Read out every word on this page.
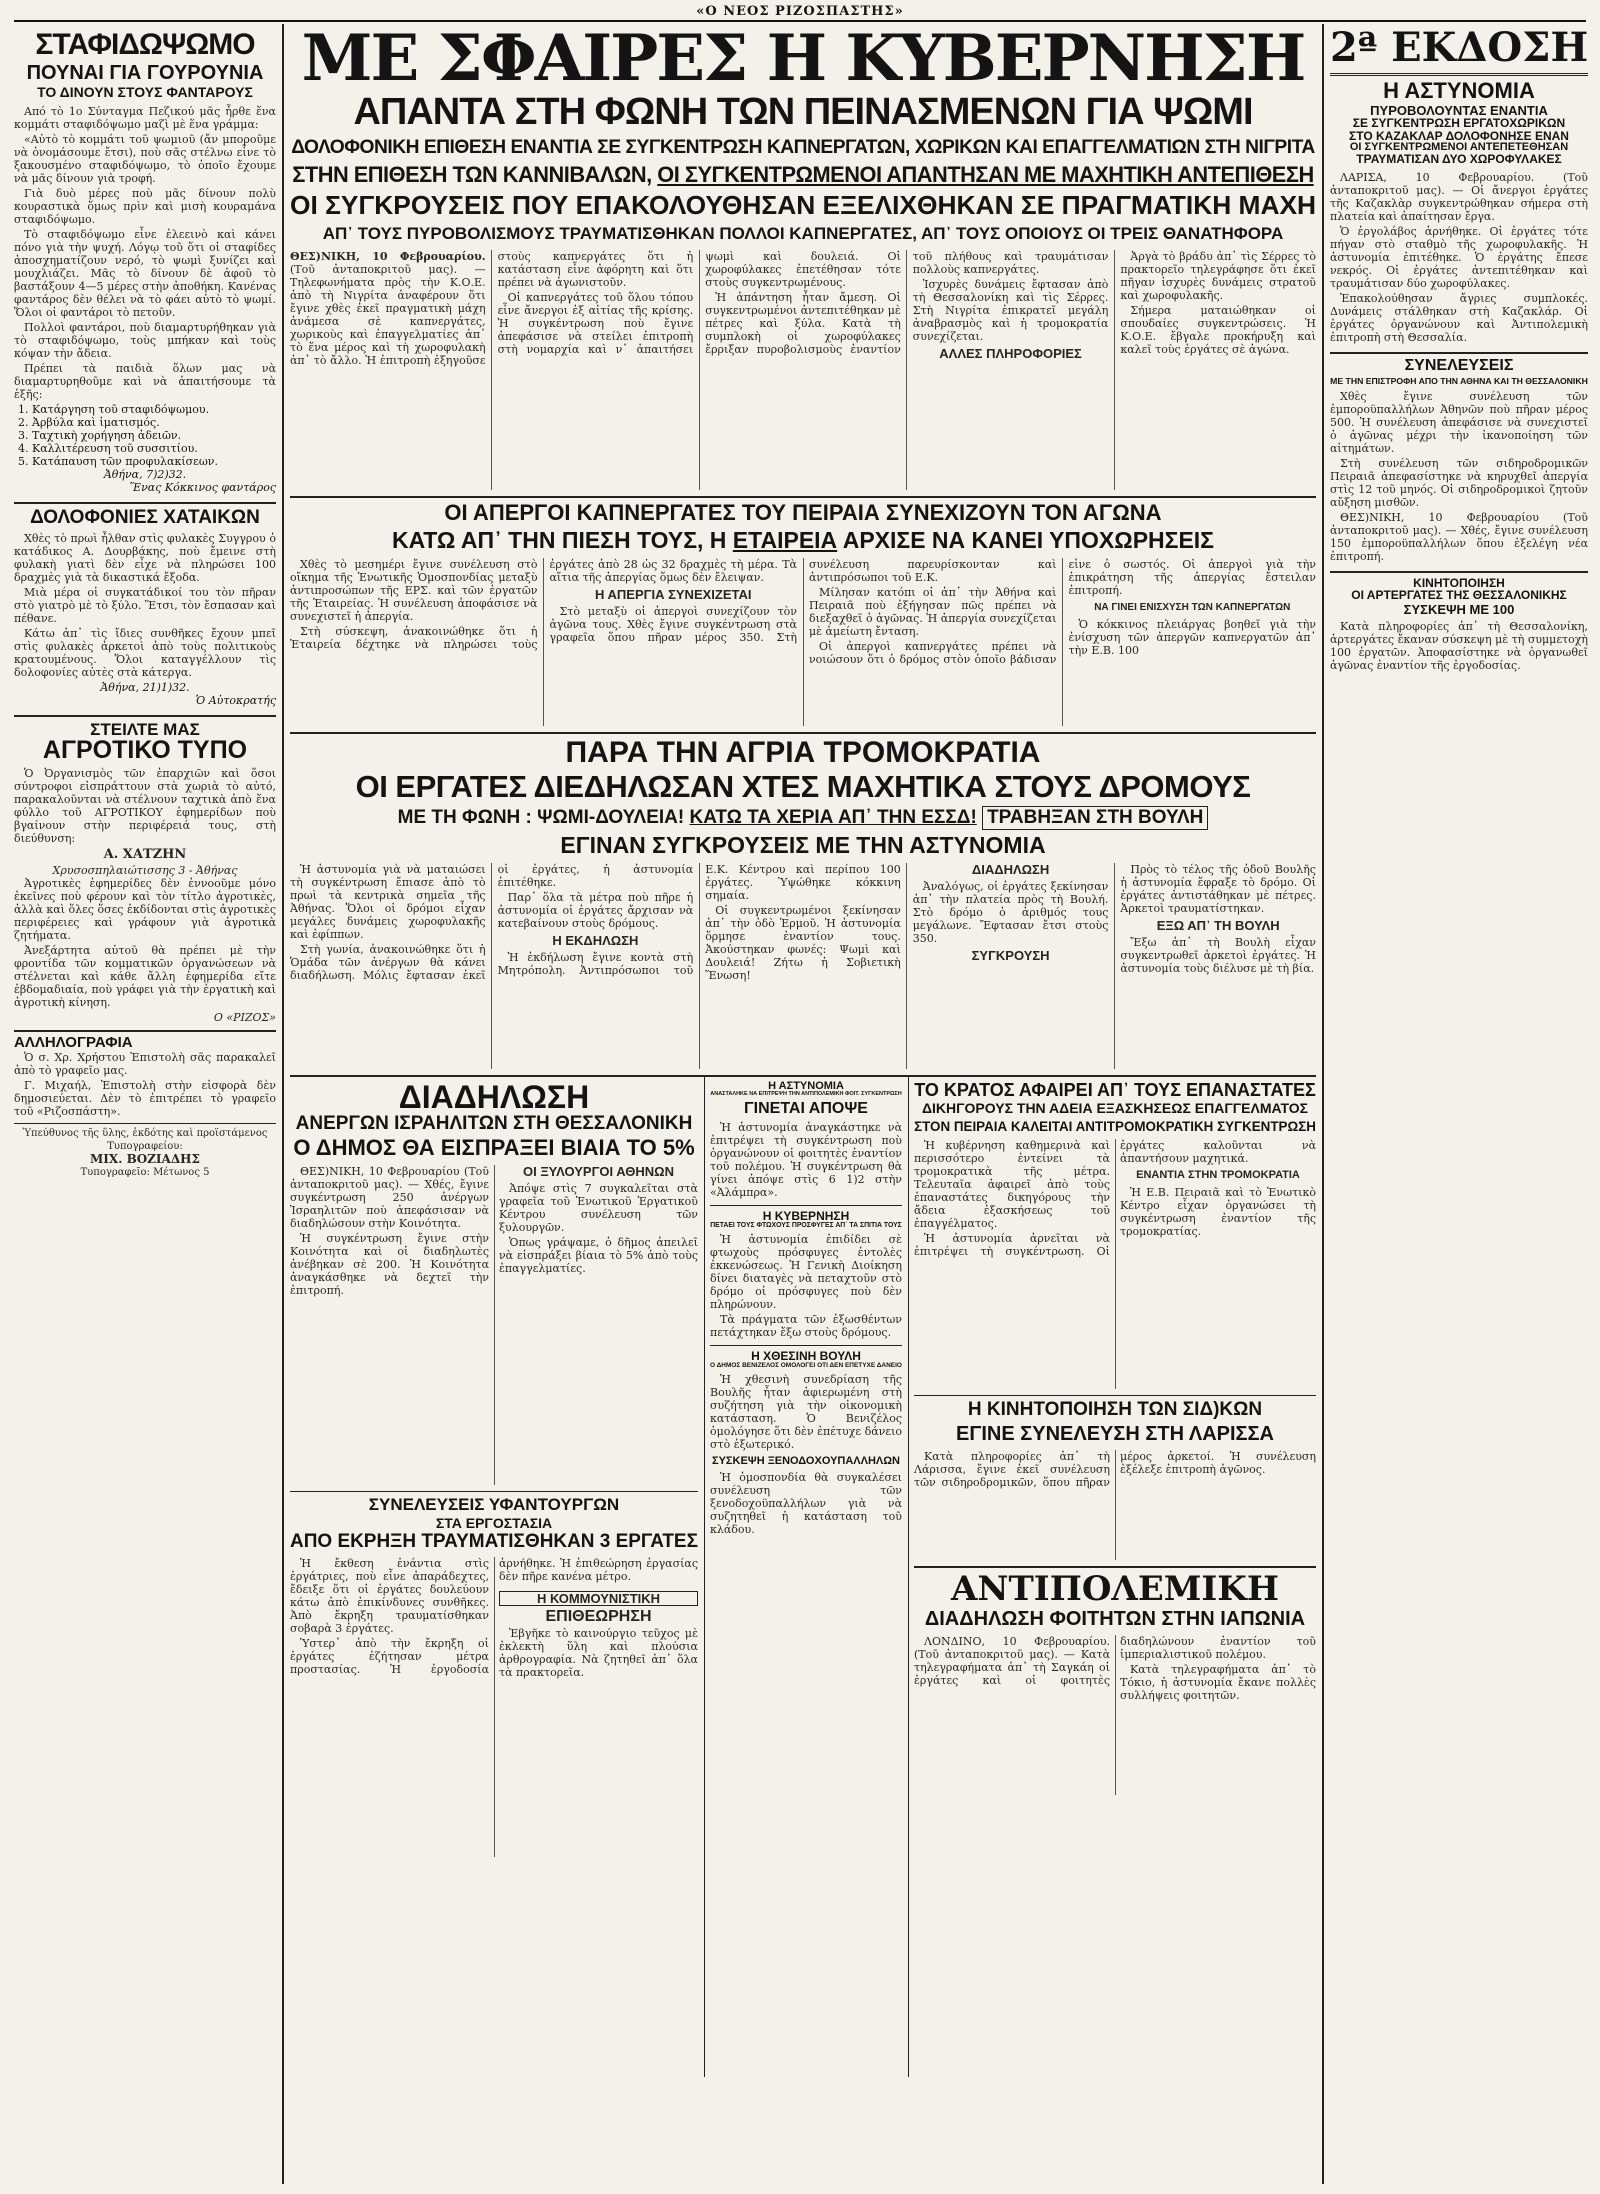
«Ο ΝΕΟΣ ΡΙΖΟΣΠΑΣΤΗΣ»
ΣΤΑΦΙΔΩΨΩΜΟ
ΠΟΥΝΑΙ ΓΙΑ ΓΟΥΡΟΥΝΙΑ
ΤΟ ΔΙΝΟΥΝ ΣΤΟΥΣ ΦΑΝΤΑΡΟΥΣ

Από τὸ 1ο Σύνταγμα Πεζικού μᾶς ἦρθε ἕνα κομμάτι σταφιδόψωμο μαζὶ μὲ ἕνα γράμμα:

«Αὐτὸ τὸ κομμάτι τοῦ ψωμιοῦ (ἄν μποροῦμε νὰ ὀνομάσουμε ἔτσι), ποὺ σᾶς στέλνω εἶνε τὸ ξακουσμένο σταφιδόψωμο, τὸ ὁποῖο ἔχουμε νὰ μᾶς δίνουν γιὰ τροφή.

Γιὰ δυὸ μέρες ποὺ μᾶς δίνουν πολὺ κουραστικὰ ὅμως πρὶν καὶ μισὴ κουραμάνα σταφιδόψωμο.

Τὸ σταφιδόψωμο εἶνε ἐλεεινὸ καὶ κάνει πόνο γιὰ τὴν ψυχή. Λόγῳ τοῦ ὅτι οἱ σταφίδες ἀποσχηματίζουν νερό, τὸ ψωμὶ ξυνίζει καὶ μουχλιάζει. Μᾶς τὸ δίνουν δὲ ἀφοῦ τὸ βαστάξουν 4—5 μέρες στὴν ἀποθήκη. Κανένας φαντάρος δὲν θέλει νὰ τὸ φάει αὐτὸ τὸ ψωμί. Ὅλοι οἱ φαντάροι τὸ πετοῦν.

Πολλοὶ φαντάροι, ποὺ διαμαρτυρήθηκαν γιὰ τὸ σταφιδόψωμο, τοὺς μπήκαν καὶ τοὺς κόψαν τὴν ἄδεια.

Πρέπει τὰ παιδιὰ ὅλων μας νὰ διαμαρτυρηθοῦμε καὶ νὰ ἀπαιτήσουμε τὰ ἑξῆς:

1. Κατάργηση τοῦ σταφιδόψωμου.
2. Ἀρβύλα καὶ ἱματισμός.
3. Ταχτικὴ χορήγηση ἀδειῶν.
4. Καλλιτέρευση τοῦ συσσιτίου.
5. Κατάπαυση τῶν προφυλακίσεων.
Ἀθήνα, 7)2)32.
Ἕνας Κόκκινος φαντάρος
ΔΟΛΟΦΟΝΙΕΣ ΧΑΤΑΙΚΩΝ

Χθὲς τὸ πρωὶ ἦλθαν στὶς φυλακὲς Συγγρου ὁ κατάδικος Α. Δουρβάκης, ποὺ ἔμεινε στὴ φυλακὴ γιατὶ δὲν εἶχε νὰ πληρώσει 100 δραχμὲς γιὰ τὰ δικαστικά ἔξοδα.

Μιὰ μέρα οἱ συγκατάδικοί του τὸν πῆραν στὸ γιατρὸ μὲ τὸ ξύλο. Ἕτσι, τὸν ἔσπασαν καὶ πέθανε.

Κάτω ἀπ᾽ τὶς ἴδιες συνθῆκες ἔχουν μπεῖ στὶς φυλακὲς ἀρκετοὶ ἀπὸ τοὺς πολιτικοὺς κρατουμένους. Ὅλοι καταγγέλλουν τὶς δολοφονίες αὐτὲς στὰ κάτεργα.

Ἀθήνα, 21)1)32.
Ὁ Αὐτοκρατής
ΣΤΕΙΛΤΕ ΜΑΣ
ΑΓΡΟΤΙΚΟ ΤΥΠΟ

Ὁ Ὀργανισμὸς τῶν ἐπαρχιῶν καὶ ὅσοι σύντροφοι εἰσπράττουν στὰ χωριὰ τὸ αὐτό, παρακαλοῦνται νὰ στέλνουν ταχτικὰ ἀπὸ ἕνα φύλλο τοῦ ΑΓΡΟΤΙΚΟΥ ἐφημερίδων ποὺ βγαίνουν στὴν περιφέρειά τους, στὴ διεύθυνση:

Α. ΧΑΤΖΗΝ
Χρυσοσπηλαιώτισσης 3 - Ἀθήνας

Ἀγροτικὲς ἐφημερίδες δὲν ἐννοοῦμε μόνο ἐκεῖνες ποὺ φέρουν καὶ τὸν τίτλο ἀγροτικὲς, ἀλλὰ καὶ ὅλες ὅσες ἐκδίδονται στὶς ἀγροτικὲς περιφέρειες καὶ γράφουν γιὰ ἀγροτικὰ ζητήματα.

Ἀνεξάρτητα αὐτοῦ θὰ πρέπει μὲ τὴν φροντίδα τῶν κομματικῶν ὀργανώσεων νὰ στέλνεται καὶ κάθε ἄλλη ἐφημερίδα εἴτε ἐβδομαδιαία, ποὺ γράφει γιὰ τὴν ἐργατικὴ καὶ ἀγροτικὴ κίνηση.

Ο «ΡΙΖΟΣ»
ΑΛΛΗΛΟΓΡΑΦΙΑ

Ὁ σ. Χρ. Χρήστου Ἐπιστολὴ σᾶς παρακαλεῖ ἀπὸ τὸ γραφεῖο μας.

Γ. Μιχαήλ, Ἐπιστολὴ στὴν εἰσφορὰ δὲν δημοσιεύεται. Δὲν τὸ ἐπιτρέπει τὸ γραφεῖο τοῦ «Ριζοσπάστη».

Ὑπεύθυνος τῆς ὕλης, ἐκδότης καὶ προϊστάμενος Τυπογραφείου:
ΜΙΧ. ΒΟΖΙΑΔΗΣ
Τυπογραφεῖο: Μέτωνος 5
ΜΕ ΣΦΑΙΡΕΣ Η ΚΥΒΕΡΝΗΣΗ
ΑΠΑΝΤΑ ΣΤΗ ΦΩΝΗ ΤΩΝ ΠΕΙΝΑΣΜΕΝΩΝ ΓΙΑ ΨΩΜΙ
ΔΟΛΟΦΟΝΙΚΗ ΕΠΙΘΕΣΗ ΕΝΑΝΤΙΑ ΣΕ ΣΥΓΚΕΝΤΡΩΣΗ ΚΑΠΝΕΡΓΑΤΩΝ, ΧΩΡΙΚΩΝ ΚΑΙ ΕΠΑΓΓΕΛΜΑΤΙΩΝ ΣΤΗ ΝΙΓΡΙΤΑ
ΣΤΗΝ ΕΠΙΘΕΣΗ ΤΩΝ ΚΑΝΝΙΒΑΛΩΝ, ΟΙ ΣΥΓΚΕΝΤΡΩΜΕΝΟΙ ΑΠΑΝΤΗΣΑΝ ΜΕ ΜΑΧΗΤΙΚΗ ΑΝΤΕΠΙΘΕΣΗ
ΟΙ ΣΥΓΚΡΟΥΣΕΙΣ ΠΟΥ ΕΠΑΚΟΛΟΥΘΗΣΑΝ ΕΞΕΛΙΧΘΗΚΑΝ ΣΕ ΠΡΑΓΜΑΤΙΚΗ ΜΑΧΗ
ΑΠ᾽ ΤΟΥΣ ΠΥΡΟΒΟΛΙΣΜΟΥΣ ΤΡΑΥΜΑΤΙΣΘΗΚΑΝ ΠΟΛΛΟΙ ΚΑΠΝΕΡΓΑΤΕΣ, ΑΠ᾽ ΤΟΥΣ ΟΠΟΙΟΥΣ ΟΙ ΤΡΕΙΣ ΘΑΝΑΤΗΦΟΡΑ

ΘΕΣ)ΝΙΚΗ, 10 Φεβρουαρίου. (Τοῦ ἀνταποκριτοῦ μας). — Τηλεφωνήματα πρὸς τὴν Κ.Ο.Ε. ἀπὸ τὴ Νιγρίτα ἀναφέρουν ὅτι ἔγινε χθὲς ἐκεῖ πραγματικὴ μάχη ἀνάμεσα σὲ καπνεργάτες, χωρικοὺς καὶ ἐπαγγελματίες ἀπ᾽ τὸ ἕνα μέρος καὶ τὴ χωροφυλακὴ ἀπ᾽ τὸ ἄλλο. Ἡ ἐπιτροπὴ ἐξηγοῦσε στοὺς καπνεργάτες ὅτι ἡ κατάσταση εἶνε ἀφόρητη καὶ ὅτι πρέπει νὰ ἀγωνιστοῦν.

Οἱ καπνεργάτες τοῦ ὅλου τόπου εἶνε ἄνεργοι ἐξ αἰτίας τῆς κρίσης. Ἡ συγκέντρωση ποὺ ἔγινε ἀπεφάσισε νὰ στείλει ἐπιτροπὴ στὴ νομαρχία καὶ ν᾽ ἀπαιτήσει ψωμὶ καὶ δουλειά. Οἱ χωροφύλακες ἐπετέθησαν τότε στοὺς συγκεντρωμένους.

Ἡ ἀπάντηση ἦταν ἄμεση. Οἱ συγκεντρωμένοι ἀντεπιτέθηκαν μὲ πέτρες καὶ ξύλα. Κατὰ τὴ συμπλοκὴ οἱ χωροφύλακες ἔρριξαν πυροβολισμοὺς ἐναντίον τοῦ πλήθους καὶ τραυμάτισαν πολλοὺς καπνεργάτες.

Ἰσχυρὲς δυνάμεις ἔφτασαν ἀπὸ τὴ Θεσσαλονίκη καὶ τὶς Σέρρες. Στὴ Νιγρίτα ἐπικρατεῖ μεγάλη ἀναβρασμὸς καὶ ἡ τρομοκρατία συνεχίζεται.

ΑΛΛΕΣ ΠΛΗΡΟΦΟΡΙΕΣ

Ἀργὰ τὸ βράδυ ἀπ᾽ τὶς Σέρρες τὸ πρακτορεῖο τηλεγράφησε ὅτι ἐκεῖ πῆγαν ἰσχυρὲς δυνάμεις στρατοῦ καὶ χωροφυλακῆς.

Σήμερα ματαιώθηκαν οἱ σπουδαίες συγκεντρώσεις. Ἡ Κ.Ο.Ε. ἔβγαλε προκήρυξη καὶ καλεῖ τοὺς ἐργάτες σὲ ἀγώνα.

ΟΙ ΑΠΕΡΓΟΙ ΚΑΠΝΕΡΓΑΤΕΣ ΤΟΥ ΠΕΙΡΑΙΑ ΣΥΝΕΧΙΖΟΥΝ ΤΟΝ ΑΓΩΝΑ
ΚΑΤΩ ΑΠ᾽ ΤΗΝ ΠΙΕΣΗ ΤΟΥΣ, Η ΕΤΑΙΡΕΙΑ ΑΡΧΙΣΕ ΝΑ ΚΑΝΕΙ ΥΠΟΧΩΡΗΣΕΙΣ

Χθὲς τὸ μεσημέρι ἔγινε συνέλευση στὸ οἴκημα τῆς Ἑνωτικῆς Ὁμοσπονδίας μεταξὺ ἀντιπροσώπων τῆς ΕΡΣ. καὶ τῶν ἐργατῶν τῆς Ἑταιρείας. Ἡ συνέλευση ἀποφάσισε νὰ συνεχιστεῖ ἡ ἀπεργία.

Στὴ σύσκεψη, ἀνακοινώθηκε ὅτι ἡ Ἑταιρεία δέχτηκε νὰ πληρώσει τοὺς ἐργάτες ἀπὸ 28 ὡς 32 δραχμὲς τὴ μέρα. Τὰ αἴτια τῆς ἀπεργίας ὅμως δὲν ἔλειψαν.

Η ΑΠΕΡΓΙΑ ΣΥΝΕΧΙΖΕΤΑΙ

Στὸ μεταξὺ οἱ ἀπεργοὶ συνεχίζουν τὸν ἀγῶνα τους. Χθὲς ἔγινε συγκέντρωση στὰ γραφεῖα ὅπου πῆραν μέρος 350. Στὴ συνέλευση παρευρίσκονταν καὶ ἀντιπρόσωποι τοῦ Ε.Κ.

Μίλησαν κατόπι οἱ ἀπ᾽ τὴν Ἀθήνα καὶ Πειραιᾶ ποὺ ἐξήγησαν πῶς πρέπει νὰ διεξαχθεῖ ὁ ἀγῶνας. Ἡ ἀπεργία συνεχίζεται μὲ ἀμείωτη ἔνταση.

Οἱ ἀπεργοὶ καπνεργάτες πρέπει νὰ νοιώσουν ὅτι ὁ δρόμος στὸν ὁποῖο βάδισαν εἶνε ὁ σωστός. Οἱ ἀπεργοὶ γιὰ τὴν ἐπικράτηση τῆς ἀπεργίας ἔστειλαν ἐπιτροπή.

ΝΑ ΓΙΝΕΙ ΕΝΙΣΧΥΣΗ ΤΩΝ ΚΑΠΝΕΡΓΑΤΩΝ

Ὁ κόκκινος πλειάργας βοηθεῖ γιὰ τὴν ἐνίσχυση τῶν ἀπεργῶν καπνεργατῶν ἀπ᾽ τὴν Ε.Β. 100

ΠΑΡΑ ΤΗΝ ΑΓΡΙΑ ΤΡΟΜΟΚΡΑΤΙΑ
ΟΙ ΕΡΓΑΤΕΣ ΔΙΕΔΗΛΩΣΑΝ ΧΤΕΣ ΜΑΧΗΤΙΚΑ ΣΤΟΥΣ ΔΡΟΜΟΥΣ
ΜΕ ΤΗ ΦΩΝΗ : ΨΩΜΙ-ΔΟΥΛΕΙΑ! ΚΑΤΩ ΤΑ ΧΕΡΙΑ ΑΠ᾽ ΤΗΝ ΕΣΣΔ! ΤΡΑΒΗΞΑΝ ΣΤΗ ΒΟΥΛΗ
ΕΓΙΝΑΝ ΣΥΓΚΡΟΥΣΕΙΣ ΜΕ ΤΗΝ ΑΣΤΥΝΟΜΙΑ

Ἡ ἀστυνομία γιὰ νὰ ματαιώσει τὴ συγκέντρωση ἔπιασε ἀπὸ τὸ πρωὶ τὰ κεντρικὰ σημεῖα τῆς Ἀθήνας. Ὅλοι οἱ δρόμοι εἶχαν μεγάλες δυνάμεις χωροφυλακῆς καὶ ἐφίππων.

Στὴ γωνία, ἀνακοινώθηκε ὅτι ἡ Ὁμάδα τῶν ἀνέργων θὰ κάνει διαδήλωση. Μόλις ἔφτασαν ἐκεῖ οἱ ἐργάτες, ἡ ἀστυνομία ἐπιτέθηκε.

Παρ᾽ ὅλα τὰ μέτρα ποὺ πῆρε ἡ ἀστυνομία οἱ ἐργάτες ἄρχισαν νὰ κατεβαίνουν στοὺς δρόμους.

Η ΕΚΔΗΛΩΣΗ

Ἡ ἐκδήλωση ἔγινε κοντὰ στὴ Μητρόπολη. Ἀντιπρόσωποι τοῦ Ε.Κ. Κέντρου καὶ περίπου 100 ἐργάτες. Ὑψώθηκε κόκκινη σημαία.

Οἱ συγκεντρωμένοι ξεκίνησαν ἀπ᾽ τὴν ὁδὸ Ἑρμοῦ. Ἡ ἀστυνομία ὅρμησε ἐναντίον τους. Ἀκούστηκαν φωνές: Ψωμὶ καὶ Δουλειά! Ζήτω ἡ Σοβιετικὴ Ἕνωση!

ΔΙΑΔΗΛΩΣΗ

Ἀναλόγως, οἱ ἐργάτες ξεκίνησαν ἀπ᾽ τὴν πλατεία πρὸς τὴ Βουλή. Στὸ δρόμο ὁ ἀριθμός τους μεγάλωνε. Ἔφτασαν ἔτσι στοὺς 350.

ΣΥΓΚΡΟΥΣΗ

Πρὸς τὸ τέλος τῆς ὁδοῦ Βουλῆς ἡ ἀστυνομία ἔφραξε τὸ δρόμο. Οἱ ἐργάτες ἀντιστάθηκαν μὲ πέτρες. Ἀρκετοὶ τραυματίστηκαν.

ΕΞΩ ΑΠ᾽ ΤΗ ΒΟΥΛΗ

Ἔξω ἀπ᾽ τὴ Βουλὴ εἶχαν συγκεντρωθεῖ ἀρκετοὶ ἐργάτες. Ἡ ἀστυνομία τοὺς διέλυσε μὲ τὴ βία.

ΔΙΑΔΗΛΩΣΗ
ΑΝΕΡΓΩΝ ΙΣΡΑΗΛΙΤΩΝ ΣΤΗ ΘΕΣΣΑΛΟΝΙΚΗ
Ο ΔΗΜΟΣ ΘΑ ΕΙΣΠΡΑΞΕΙ ΒΙΑΙΑ ΤΟ 5%

ΘΕΣ)ΝΙΚΗ, 10 Φεβρουαρίου (Τοῦ ἀνταποκριτοῦ μας). — Χθές, ἔγινε συγκέντρωση 250 ἀνέργων Ἰσραηλιτῶν ποὺ ἀπεφάσισαν νὰ διαδηλώσουν στὴν Κοινότητα.

Ἡ συγκέντρωση ἔγινε στὴν Κοινότητα καὶ οἱ διαδηλωτὲς ἀνέβηκαν σὲ 200. Ἡ Κοινότητα ἀναγκάσθηκε νὰ δεχτεῖ τὴν ἐπιτροπή.

ΟΙ ΞΥΛΟΥΡΓΟΙ ΑΘΗΝΩΝ

Ἀπόψε στὶς 7 συγκαλεῖται στὰ γραφεῖα τοῦ Ἑνωτικοῦ Ἐργατικοῦ Κέντρου συνέλευση τῶν ξυλουργῶν.

Ὁπως γράψαμε, ὁ δῆμος ἀπειλεῖ νὰ εἰσπράξει βίαια τὸ 5% ἀπὸ τοὺς ἐπαγγελματίες.

ΣΥΝΕΛΕΥΣΕΙΣ ΥΦΑΝΤΟΥΡΓΩΝ
ΣΤΑ ΕΡΓΟΣΤΑΣΙΑ
ΑΠΟ ΕΚΡΗΞΗ ΤΡΑΥΜΑΤΙΣΘΗΚΑΝ 3 ΕΡΓΑΤΕΣ

Ἡ ἔκθεση ἐνάντια στὶς ἐργάτριες, ποὺ εἶνε ἀπαράδεχτες, ἔδειξε ὅτι οἱ ἐργάτες δουλεύουν κάτω ἀπὸ ἐπικίνδυνες συνθῆκες. Ἀπὸ ἔκρηξη τραυματίσθηκαν σοβαρὰ 3 ἐργάτες.

Ὑστερ᾽ ἀπὸ τὴν ἔκρηξη οἱ ἐργάτες ἐζήτησαν μέτρα προστασίας. Ἡ ἐργοδοσία ἀρνήθηκε. Ἡ ἐπιθεώρηση ἐργασίας δὲν πῆρε κανένα μέτρο.

Η ΚΟΜΜΟΥΝΙΣΤΙΚΗ
ΕΠΙΘΕΩΡΗΣΗ

Ἐβγῆκε τὸ καινούργιο τεῦχος μὲ ἐκλεκτὴ ὕλη καὶ πλούσια ἀρθρογραφία. Νὰ ζητηθεῖ ἀπ᾽ ὅλα τὰ πρακτορεῖα.

Η ΑΣΤΥΝΟΜΙΑ
ΑΝΑΣΤΑΛΗΚΕ ΝΑ ΕΠΙΤΡΕΨΗ ΤΗΝ ΑΝΤΙΠΟΛΕΜΙΚΗ ΦΟΙΤ. ΣΥΓΚΕΝΤΡΩΣΗ
ΓΙΝΕΤΑΙ ΑΠΟΨΕ

Ἡ ἀστυνομία ἀναγκάστηκε νὰ ἐπιτρέψει τὴ συγκέντρωση ποὺ ὀργανώνουν οἱ φοιτητὲς ἐναντίον τοῦ πολέμου. Ἡ συγκέντρωση θὰ γίνει ἀπόψε στὶς 6 1)2 στὴν «Ἀλάμπρα».

Η ΚΥΒΕΡΝΗΣΗ
ΠΕΤΑΕΙ ΤΟΥΣ ΦΤΩΧΟΥΣ ΠΡΟΣΦΥΓΕΣ ΑΠ᾽ ΤΑ ΣΠΙΤΙΑ ΤΟΥΣ

Ἡ ἀστυνομία ἐπιδίδει σὲ φτωχοὺς πρόσφυγες ἐντολὲς ἐκκενώσεως. Ἡ Γενικὴ Διοίκηση δίνει διαταγὲς νὰ πεταχτοῦν στὸ δρόμο οἱ πρόσφυγες ποὺ δὲν πληρώνουν.

Τὰ πράγματα τῶν ἐξωσθέντων πετάχτηκαν ἔξω στοὺς δρόμους.

Η ΧΘΕΣΙΝΗ ΒΟΥΛΗ
Ο ΔΗΜΟΣ ΒΕΝΙΖΕΛΟΣ ΟΜΟΛΟΓΕΙ ΟΤΙ ΔΕΝ ΕΠΕΤΥΧΕ ΔΑΝΕΙΟ

Ἡ χθεσινὴ συνεδρίαση τῆς Βουλῆς ἦταν ἀφιερωμένη στὴ συζήτηση γιὰ τὴν οἰκονομικὴ κατάσταση. Ὁ Βενιζέλος ὁμολόγησε ὅτι δὲν ἐπέτυχε δάνειο στὸ ἐξωτερικό.

ΣΥΣΚΕΨΗ ΞΕΝΟΔΟΧΟΥΠΑΛΛΗΛΩΝ

Ἡ ὁμοσπονδία θὰ συγκαλέσει συνέλευση τῶν ξενοδοχοϋπαλλήλων γιὰ νὰ συζητηθεῖ ἡ κατάσταση τοῦ κλάδου.

ΤΟ ΚΡΑΤΟΣ ΑΦΑΙΡΕΙ ΑΠ᾽ ΤΟΥΣ ΕΠΑΝΑΣΤΑΤΕΣ
ΔΙΚΗΓΟΡΟΥΣ ΤΗΝ ΑΔΕΙΑ ΕΞΑΣΚΗΣΕΩΣ ΕΠΑΓΓΕΛΜΑΤΟΣ
ΣΤΟΝ ΠΕΙΡΑΙΑ ΚΑΛΕΙΤΑΙ ΑΝΤΙΤΡΟΜΟΚΡΑΤΙΚΗ ΣΥΓΚΕΝΤΡΩΣΗ

Ἡ κυβέρνηση καθημερινὰ καὶ περισσότερο ἐντείνει τὰ τρομοκρατικὰ τῆς μέτρα. Τελευταῖα ἀφαιρεῖ ἀπὸ τοὺς ἐπαναστάτες δικηγόρους τὴν ἄδεια ἐξασκήσεως τοῦ ἐπαγγέλματος.

Ἡ ἀστυνομία ἀρνεῖται νὰ ἐπιτρέψει τὴ συγκέντρωση. Οἱ ἐργάτες καλοῦνται νὰ ἀπαντήσουν μαχητικά.

ΕΝΑΝΤΙΑ ΣΤΗΝ ΤΡΟΜΟΚΡΑΤΙΑ

Ἡ Ε.Β. Πειραιᾶ καὶ τὸ Ἑνωτικὸ Κέντρο εἶχαν ὀργανώσει τὴ συγκέντρωση ἐναντίον τῆς τρομοκρατίας.

Η ΚΙΝΗΤΟΠΟΙΗΣΗ ΤΩΝ ΣΙΔ)ΚΩΝ
ΕΓΙΝΕ ΣΥΝΕΛΕΥΣΗ ΣΤΗ ΛΑΡΙΣΣΑ

Κατὰ πληροφορίες ἀπ᾽ τὴ Λάρισσα, ἔγινε ἐκεῖ συνέλευση τῶν σιδηροδρομικῶν, ὅπου πῆραν μέρος ἀρκετοί. Ἡ συνέλευση ἐξέλεξε ἐπιτροπὴ ἀγῶνος.

ΑΝΤΙΠΟΛΕΜΙΚΗ
ΔΙΑΔΗΛΩΣΗ ΦΟΙΤΗΤΩΝ ΣΤΗΝ ΙΑΠΩΝΙΑ

ΛΟΝΔΙΝΟ, 10 Φεβρουαρίου. (Τοῦ ἀνταποκριτοῦ μας). — Κατὰ τηλεγραφήματα ἀπ᾽ τὴ Σαγκάη οἱ ἐργάτες καὶ οἱ φοιτητὲς διαδηλώνουν ἐναντίον τοῦ ἰμπεριαλιστικοῦ πολέμου.

Κατὰ τηλεγραφήματα ἀπ᾽ τὸ Τόκιο, ἡ ἀστυνομία ἔκανε πολλὲς συλλήψεις φοιτητῶν.

2ª ΕΚΔΟΣΗ
Η ΑΣΤΥΝΟΜΙΑ
ΠΥΡΟΒΟΛΟΥΝΤΑΣ ΕΝΑΝΤΙΑ
ΣΕ ΣΥΓΚΕΝΤΡΩΣΗ ΕΡΓΑΤΟΧΩΡΙΚΩΝ
ΣΤΟ ΚΑΖΑΚΛΑΡ ΔΟΛΟΦΟΝΗΣΕ ΕΝΑΝ
ΟΙ ΣΥΓΚΕΝΤΡΩΜΕΝΟΙ ΑΝΤΕΠΕΤΕΘΗΣΑΝ
ΤΡΑΥΜΑΤΙΣΑΝ ΔΥΟ ΧΩΡΟΦΥΛΑΚΕΣ

ΛΑΡΙΣΑ, 10 Φεβρουαρίου. (Τοῦ ἀνταποκριτοῦ μας). — Οἱ ἄνεργοι ἐργάτες τῆς Καζακλὰρ συγκεντρώθηκαν σήμερα στὴ πλατεία καὶ ἀπαίτησαν ἔργα.

Ὁ ἐργολάβος ἀρνήθηκε. Οἱ ἐργάτες τότε πήγαν στὸ σταθμὸ τῆς χωροφυλακῆς. Ἡ ἀστυνομία ἐπιτέθηκε. Ὁ ἐργάτης ἔπεσε νεκρός. Οἱ ἐργάτες ἀντεπιτέθηκαν καὶ τραυμάτισαν δύο χωροφύλακες.

Ἐπακολούθησαν ἄγριες συμπλοκές. Δυνάμεις στάλθηκαν στὴ Καζακλάρ. Οἱ ἐργάτες ὀργανώνουν καὶ Ἀντιπολεμικὴ ἐπιτροπὴ στὴ Θεσσαλία.

ΣΥΝΕΛΕΥΣΕΙΣ
ΜΕ ΤΗΝ ΕΠΙΣΤΡΟΦΗ ΑΠΟ ΤΗΝ ΑΘΗΝΑ ΚΑΙ ΤΗ ΘΕΣΣΑΛΟΝΙΚΗ

Χθὲς ἔγινε συνέλευση τῶν ἐμποροϋπαλλήλων Ἀθηνῶν ποὺ πῆραν μέρος 500. Ἡ συνέλευση ἀπεφάσισε νὰ συνεχιστεῖ ὁ ἀγῶνας μέχρι τὴν ἱκανοποίηση τῶν αἰτημάτων.

Στὴ συνέλευση τῶν σιδηροδρομικῶν Πειραιᾶ ἀπεφασίστηκε νὰ κηρυχθεῖ ἀπεργία στὶς 12 τοῦ μηνός. Οἱ σιδηροδρομικοὶ ζητοῦν αὔξηση μισθῶν.

ΘΕΣ)ΝΙΚΗ, 10 Φεβρουαρίου (Τοῦ ἀνταποκριτοῦ μας). — Χθές, ἔγινε συνέλευση 150 ἐμποροϋπαλλήλων ὅπου ἐξελέγη νέα ἐπιτροπή.

ΚΙΝΗΤΟΠΟΙΗΣΗ
ΟΙ ΑΡΤΕΡΓΑΤΕΣ ΤΗΣ ΘΕΣΣΑΛΟΝΙΚΗΣ
ΣΥΣΚΕΨΗ ΜΕ 100

Κατὰ πληροφορίες ἀπ᾽ τὴ Θεσσαλονίκη, ἀρτεργάτες ἔκαναν σύσκεψη μὲ τὴ συμμετοχὴ 100 ἐργατῶν. Ἀποφασίστηκε νὰ ὀργανωθεῖ ἀγῶνας ἐναντίον τῆς ἐργοδοσίας.
